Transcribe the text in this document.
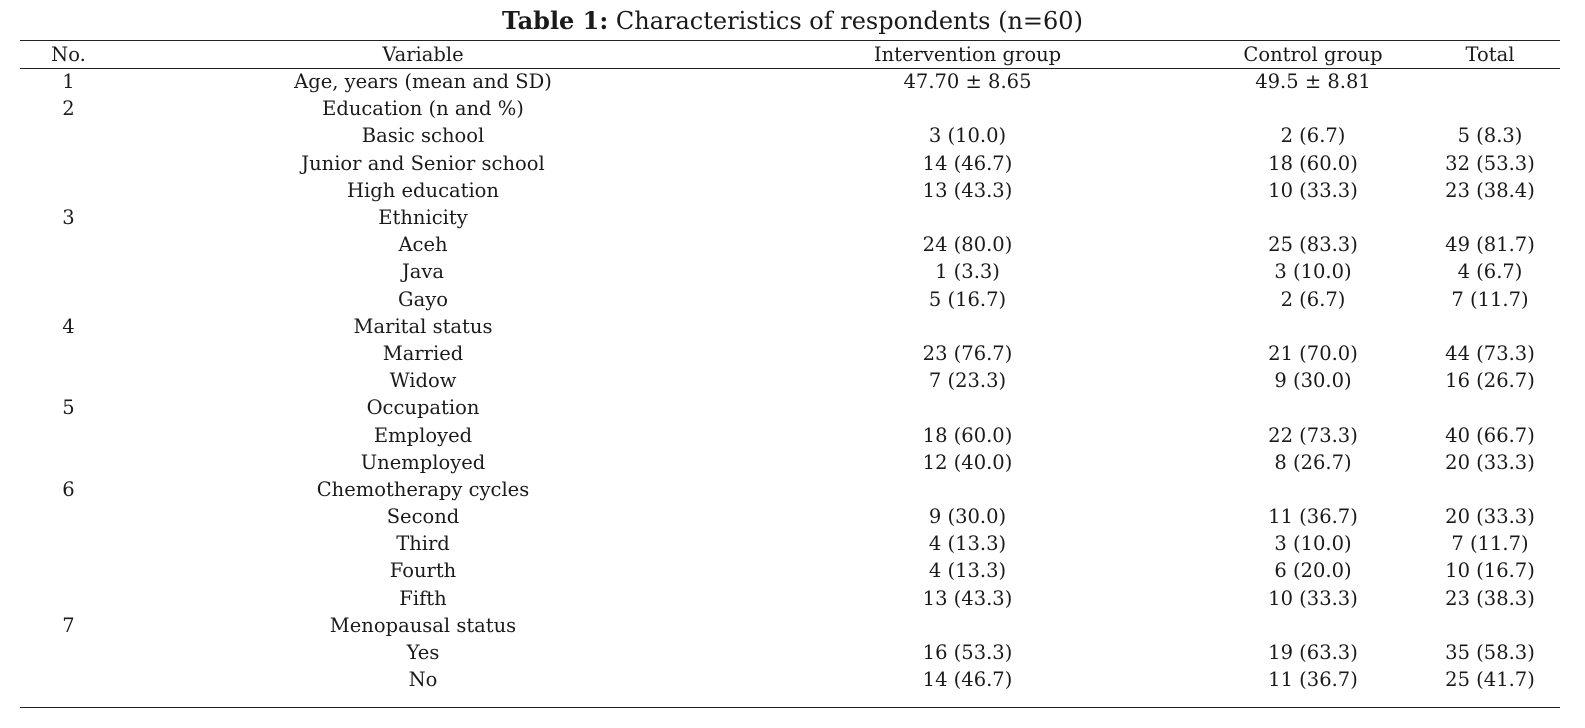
Table 1: Characteristics of respondents (n=60)
No.	Variable	Intervention group	Control group	Total
1	Age, years (mean and SD)	47.70 ± 8.65	49.5 ± 8.81	
2	Education (n and %)			
	Basic school	3 (10.0)	2 (6.7)	5 (8.3)
	Junior and Senior school	14 (46.7)	18 (60.0)	32 (53.3)
	High education	13 (43.3)	10 (33.3)	23 (38.4)
3	Ethnicity			
	Aceh	24 (80.0)	25 (83.3)	49 (81.7)
	Java	1 (3.3)	3 (10.0)	4 (6.7)
	Gayo	5 (16.7)	2 (6.7)	7 (11.7)
4	Marital status			
	Married	23 (76.7)	21 (70.0)	44 (73.3)
	Widow	7 (23.3)	9 (30.0)	16 (26.7)
5	Occupation			
	Employed	18 (60.0)	22 (73.3)	40 (66.7)
	Unemployed	12 (40.0)	8 (26.7)	20 (33.3)
6	Chemotherapy cycles			
	Second	9 (30.0)	11 (36.7)	20 (33.3)
	Third	4 (13.3)	3 (10.0)	7 (11.7)
	Fourth	4 (13.3)	6 (20.0)	10 (16.7)
	Fifth	13 (43.3)	10 (33.3)	23 (38.3)
7	Menopausal status			
	Yes	16 (53.3)	19 (63.3)	35 (58.3)
	No	14 (46.7)	11 (36.7)	25 (41.7)
